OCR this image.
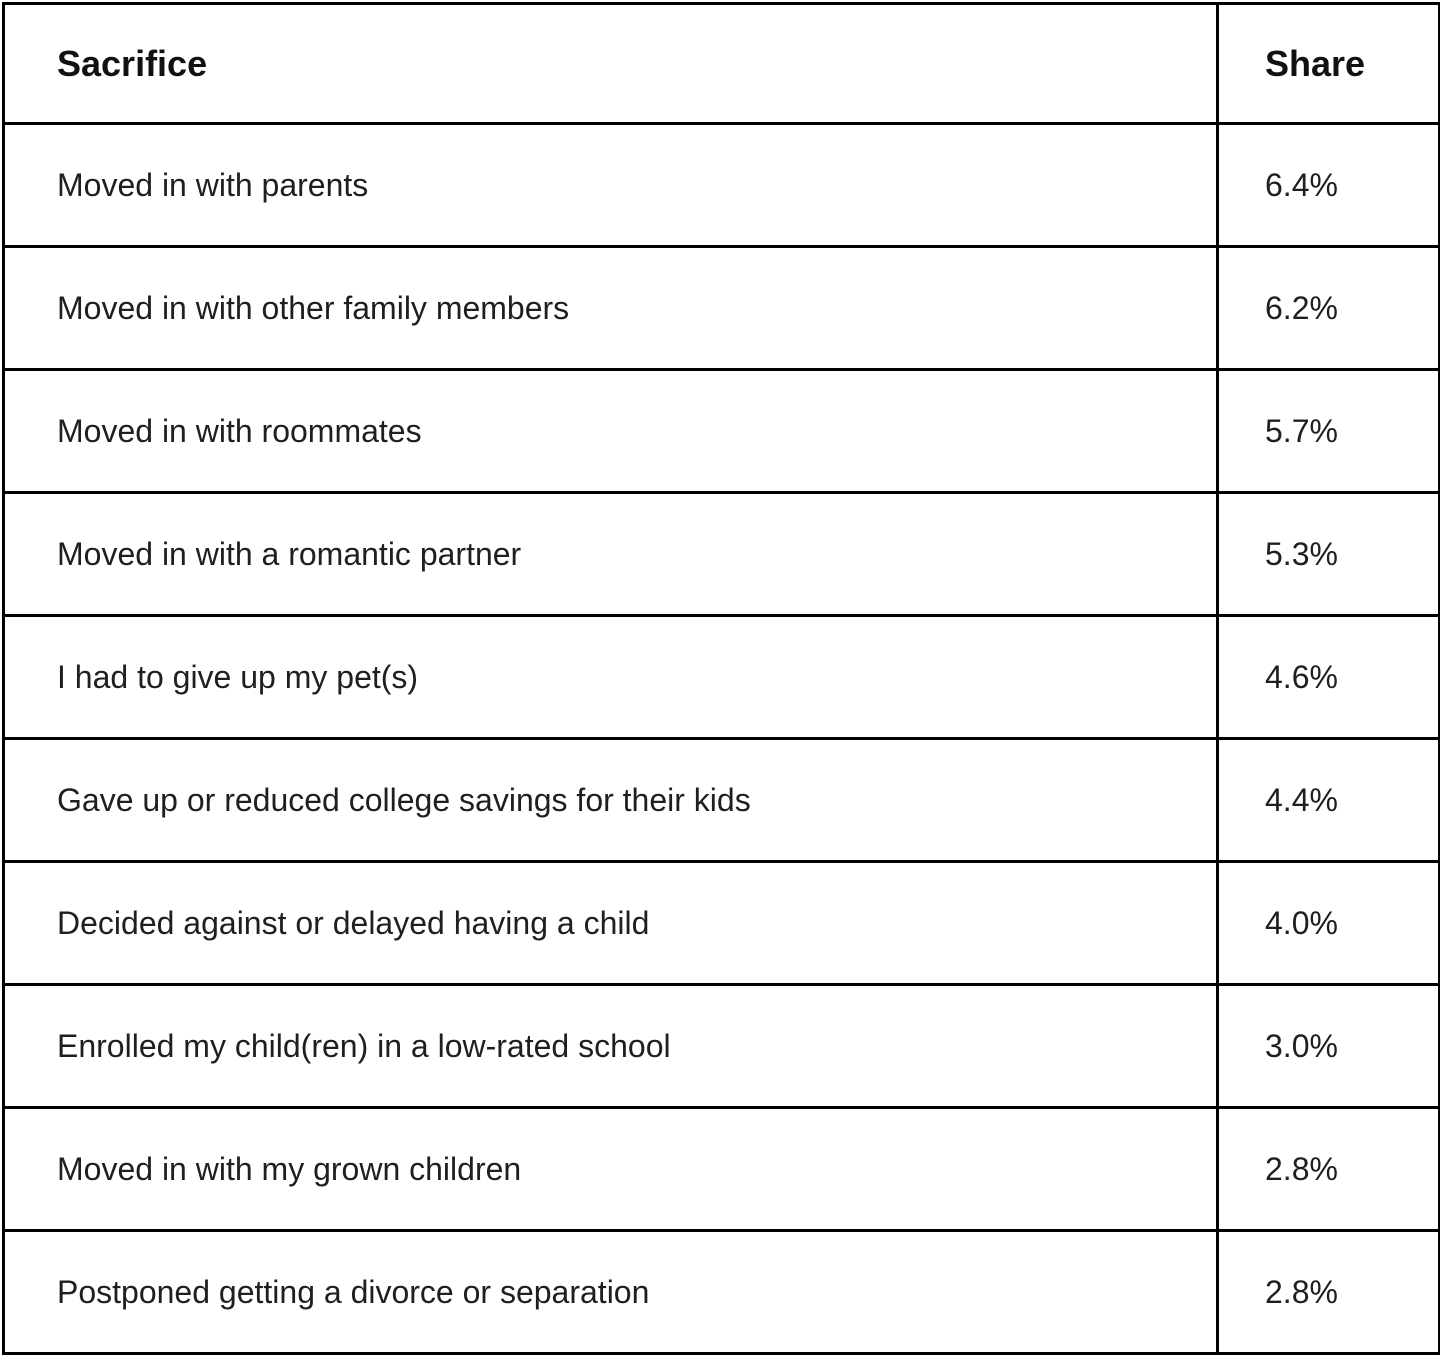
Sacrifice	Share
Moved in with parents	6.4%
Moved in with other family members	6.2%
Moved in with roommates	5.7%
Moved in with a romantic partner	5.3%
I had to give up my pet(s)	4.6%
Gave up or reduced college savings for their kids	4.4%
Decided against or delayed having a child	4.0%
Enrolled my child(ren) in a low-rated school	3.0%
Moved in with my grown children	2.8%
Postponed getting a divorce or separation	2.8%
